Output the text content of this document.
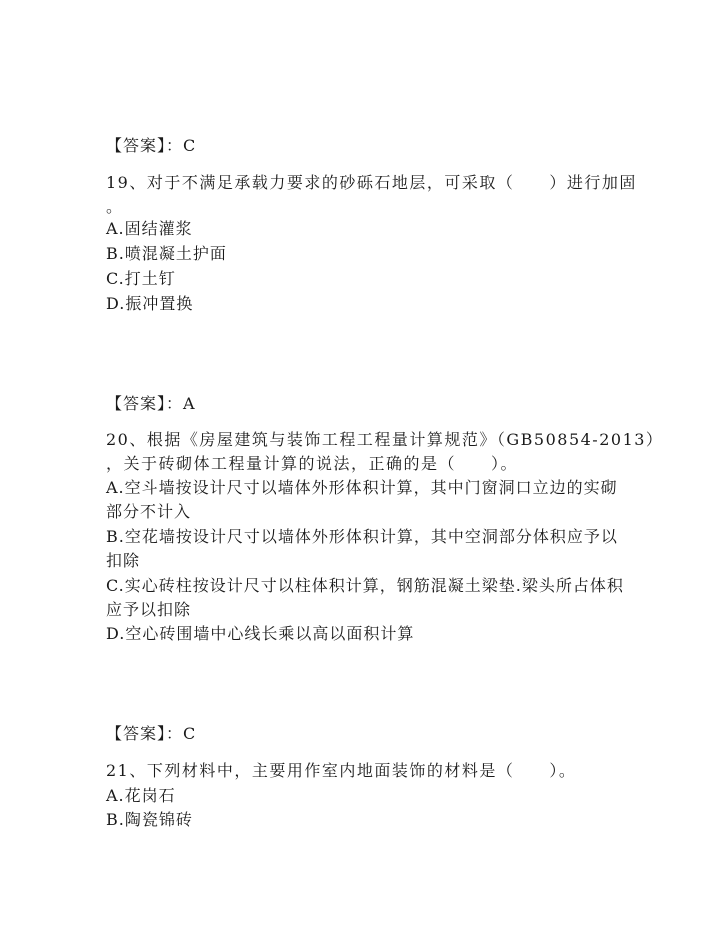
【答案】：C
19、对于不满足承载力要求的砂砾石地层，可采取（　　）进行加固
。
A.固结灌浆
B.喷混凝土护面
C.打土钉
D.振冲置换
【答案】：A
20、根据《房屋建筑与装饰工程工程量计算规范》（GB50854-2013）
，关于砖砌体工程量计算的说法，正确的是（　　）。
A.空斗墙按设计尺寸以墙体外形体积计算，其中门窗洞口立边的实砌
部分不计入
B.空花墙按设计尺寸以墙体外形体积计算，其中空洞部分体积应予以
扣除
C.实心砖柱按设计尺寸以柱体积计算，钢筋混凝土梁垫.梁头所占体积
应予以扣除
D.空心砖围墙中心线长乘以高以面积计算
【答案】：C
21、下列材料中，主要用作室内地面装饰的材料是（　　）。
A.花岗石
B.陶瓷锦砖
